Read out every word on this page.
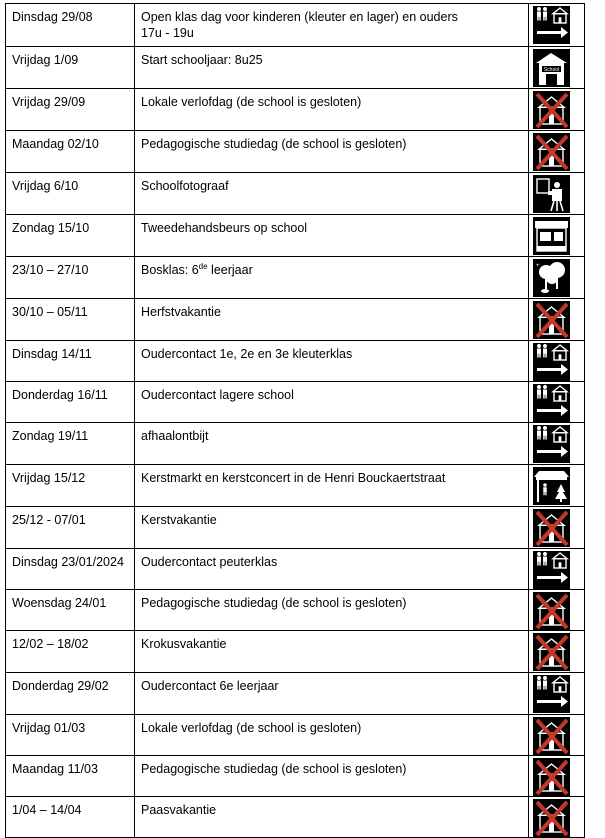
Dinsdag 29/08	Open klas dag voor kinderen (kleuter en lager) en ouders
17u - 19u	

Vrijdag 1/09	Start schooljaar: 8u25	School

Vrijdag 29/09	Lokale verlofdag (de school is gesloten)	

Maandag 02/10	Pedagogische studiedag (de school is gesloten)	

Vrijdag 6/10	Schoolfotograaf	

Zondag 15/10	Tweedehandsbeurs op school	

23/10 – 27/10	Bosklas: 6de leerjaar	+

30/10 – 05/11	Herfstvakantie	

Dinsdag 14/11	Oudercontact 1e, 2e en 3e kleuterklas	

Donderdag 16/11	Oudercontact lagere school	

Zondag 19/11	afhaalontbijt	

Vrijdag 15/12	Kerstmarkt en kerstconcert in de Henri Bouckaertstraat	

25/12 - 07/01	Kerstvakantie	

Dinsdag 23/01/2024	Oudercontact peuterklas	

Woensdag 24/01	Pedagogische studiedag (de school is gesloten)	

12/02 – 18/02	Krokusvakantie	

Donderdag 29/02	Oudercontact 6e leerjaar	

Vrijdag 01/03	Lokale verlofdag (de school is gesloten)	

Maandag 11/03	Pedagogische studiedag (de school is gesloten)	

1/04 – 14/04	Paasvakantie	
